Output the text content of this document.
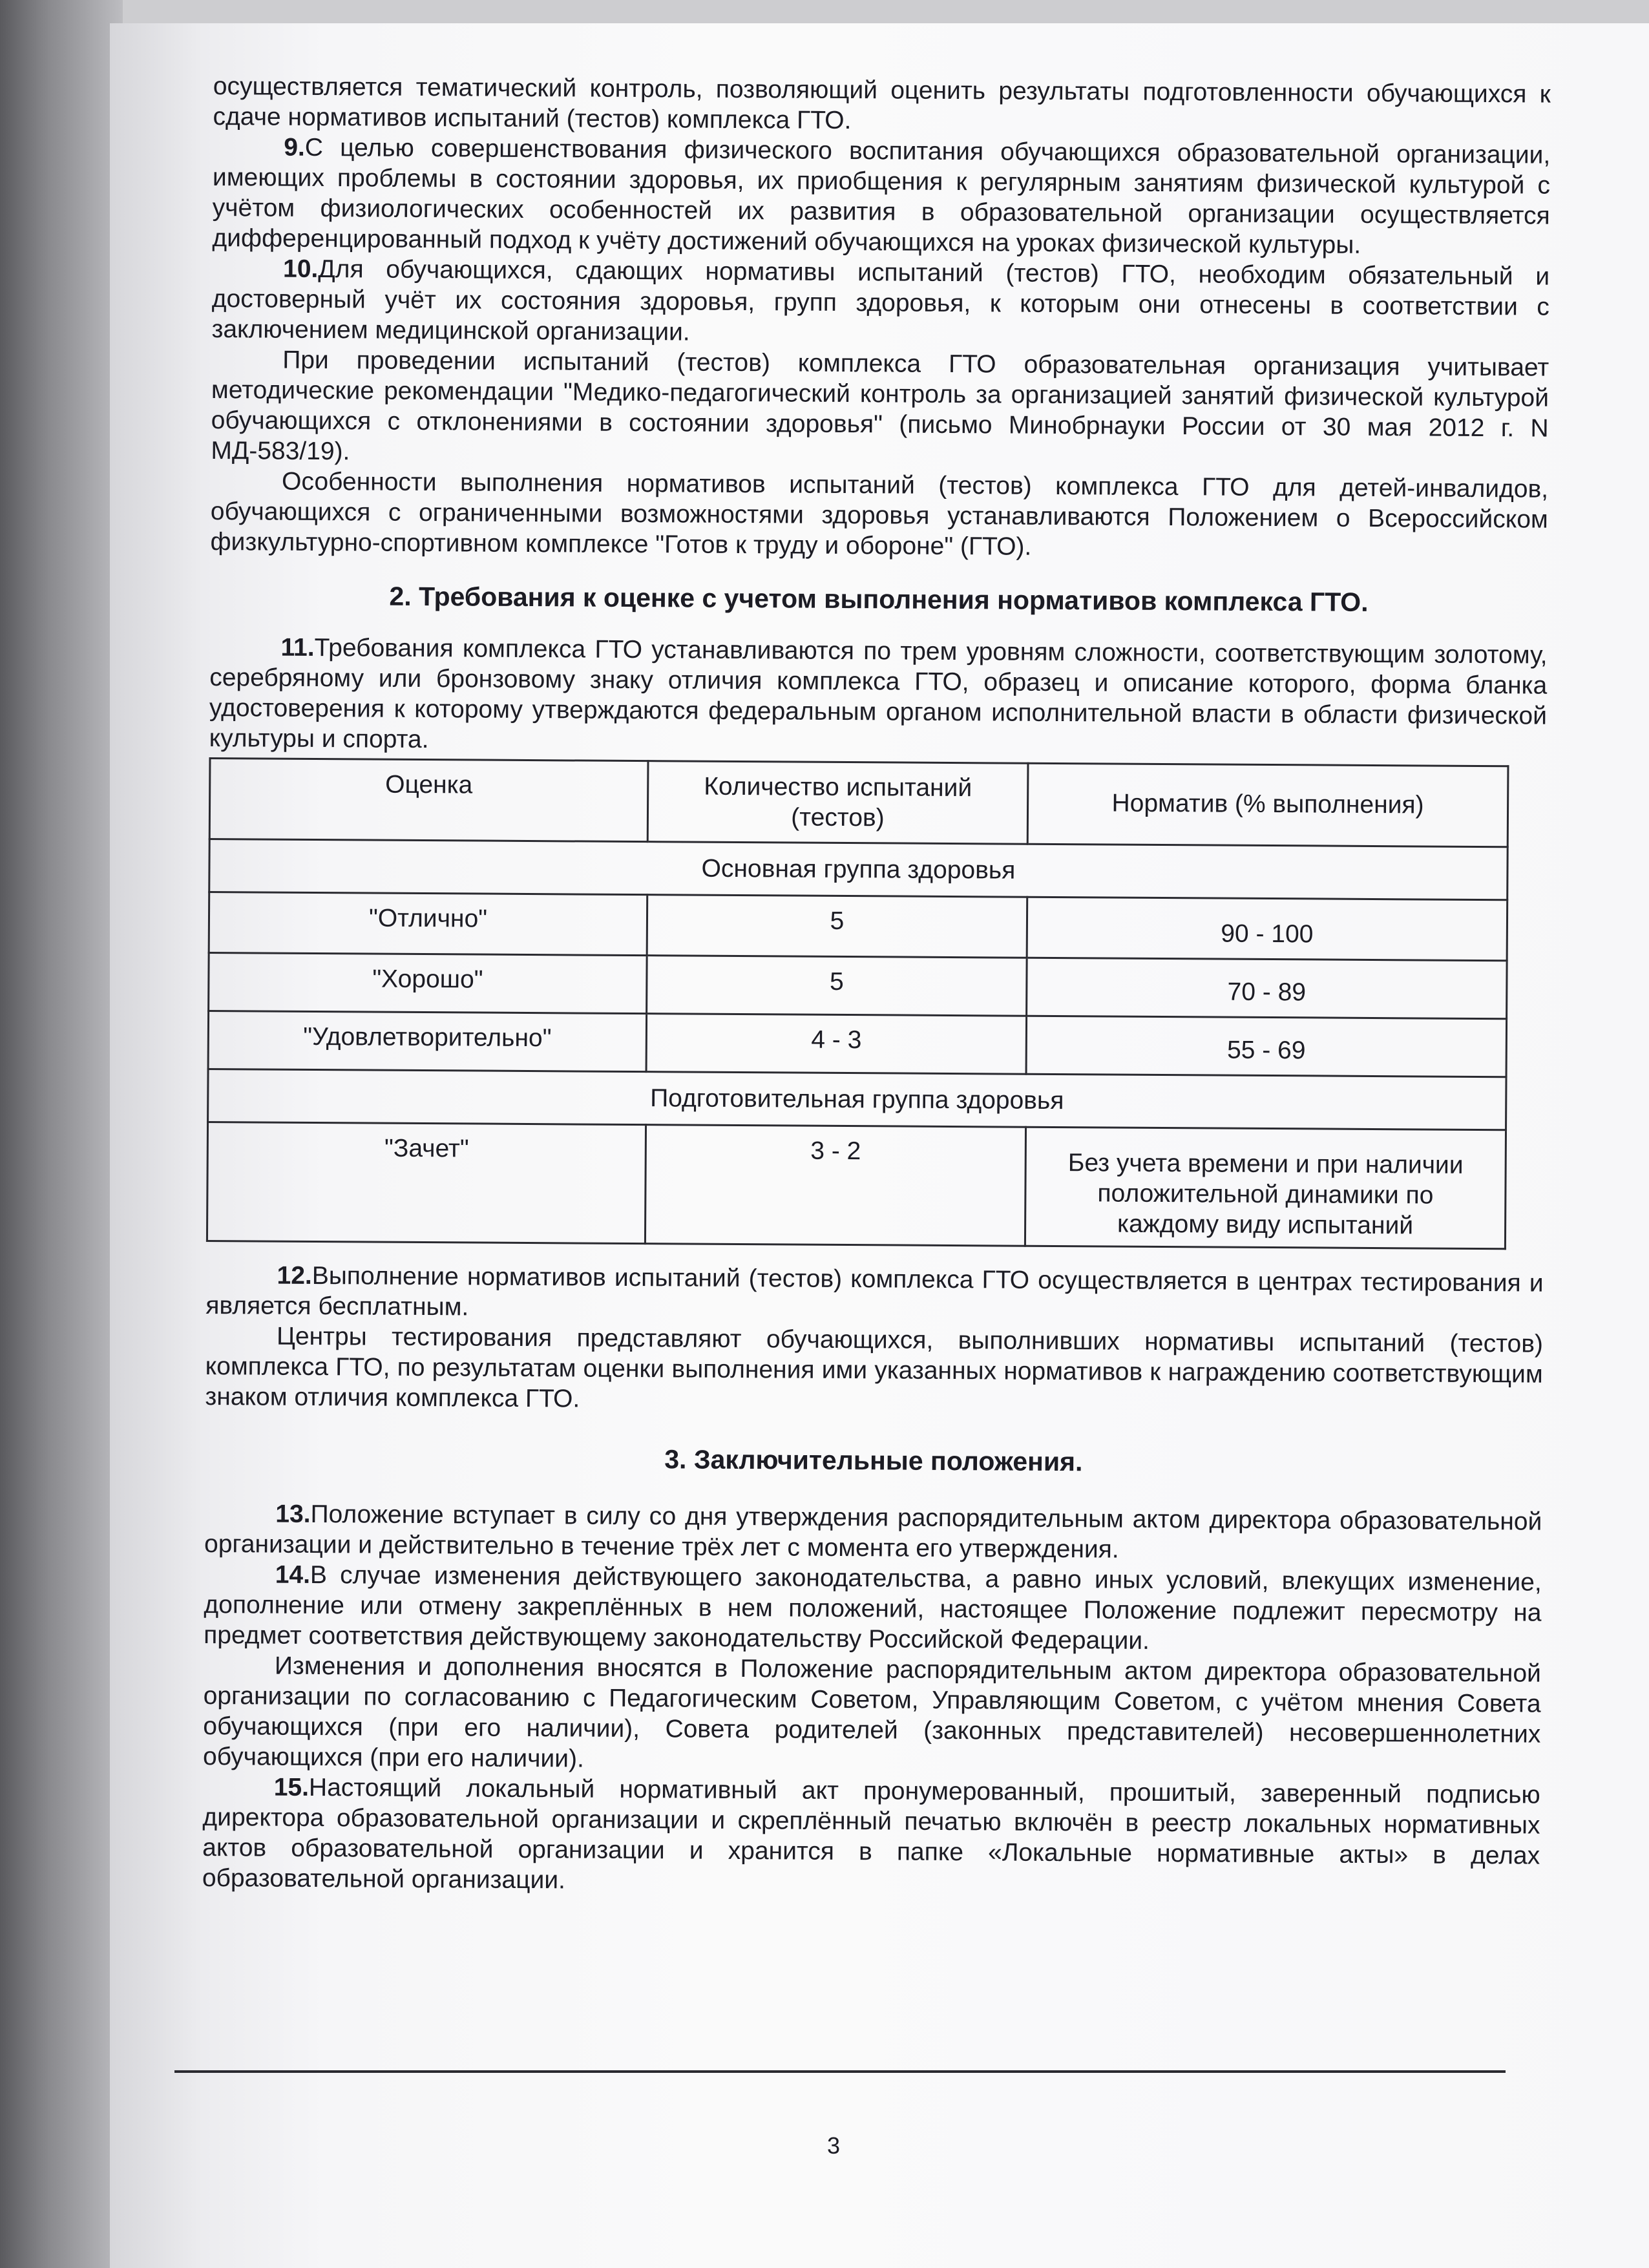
осуществляется тематический контроль, позволяющий оценить результаты подготовленности обучающихся к сдаче нормативов испытаний (тестов) комплекса ГТО.

9.С целью совершенствования физического воспитания обучающихся образовательной организации, имеющих проблемы в состоянии здоровья, их приобщения к регулярным занятиям физической культурой с учётом физиологических особенностей их развития в образовательной организации осуществляется дифференцированный подход к учёту достижений обучающихся на уроках физической культуры.

10.Для обучающихся, сдающих нормативы испытаний (тестов) ГТО, необходим обязательный и достоверный учёт их состояния здоровья, групп здоровья, к которым они отнесены в соответствии с заключением медицинской организации.

При проведении испытаний (тестов) комплекса ГТО образовательная организация учитывает методические рекомендации "Медико-педагогический контроль за организацией занятий физической культурой обучающихся с отклонениями в состоянии здоровья" (письмо Минобрнауки России от 30 мая 2012 г. N МД-583/19).

Особенности выполнения нормативов испытаний (тестов) комплекса ГТО для детей-инвалидов, обучающихся с ограниченными возможностями здоровья устанавливаются Положением о Всероссийском физкультурно-спортивном комплексе "Готов к труду и обороне" (ГТО).

2. Требования к оценке с учетом выполнения нормативов комплекса ГТО.

11.Требования комплекса ГТО устанавливаются по трем уровням сложности, соответствующим золотому, серебряному или бронзовому знаку отличия комплекса ГТО, образец и описание которого, форма бланка удостоверения к которому утверждаются федеральным органом исполнительной власти в области физической культуры и спорта.

Оценка	Количество испытаний (тестов)	Норматив (% выполнения)
Основная группа здоровья		
"Отлично"	5	90 - 100
"Хорошо"	5	70 - 89
"Удовлетворительно"	4 - 3	55 - 69
Подготовительная группа здоровья		
"Зачет"	3 - 2	Без учета времени и при наличии положительной динамики по каждому виду испытаний

12.Выполнение нормативов испытаний (тестов) комплекса ГТО осуществляется в центрах тестирования и является бесплатным.

Центры тестирования представляют обучающихся, выполнивших нормативы испытаний (тестов) комплекса ГТО, по результатам оценки выполнения ими указанных нормативов к награждению соответствующим знаком отличия комплекса ГТО.

3. Заключительные положения.

13.Положение вступает в силу со дня утверждения распорядительным актом директора образовательной организации и действительно в течение трёх лет с момента его утверждения.

14.В случае изменения действующего законодательства, а равно иных условий, влекущих изменение, дополнение или отмену закреплённых в нем положений, настоящее Положение подлежит пересмотру на предмет соответствия действующему законодательству Российской Федерации.

Изменения и дополнения вносятся в Положение распорядительным актом директора образовательной организации по согласованию с Педагогическим Советом, Управляющим Советом, с учётом мнения Совета обучающихся (при его наличии), Совета родителей (законных представителей) несовершеннолетних обучающихся (при его наличии).

15.Настоящий локальный нормативный акт пронумерованный, прошитый, заверенный подписью директора образовательной организации и скреплённый печатью включён в реестр локальных нормативных актов образовательной организации и хранится в папке «Локальные нормативные акты» в делах образовательной организации.

3
